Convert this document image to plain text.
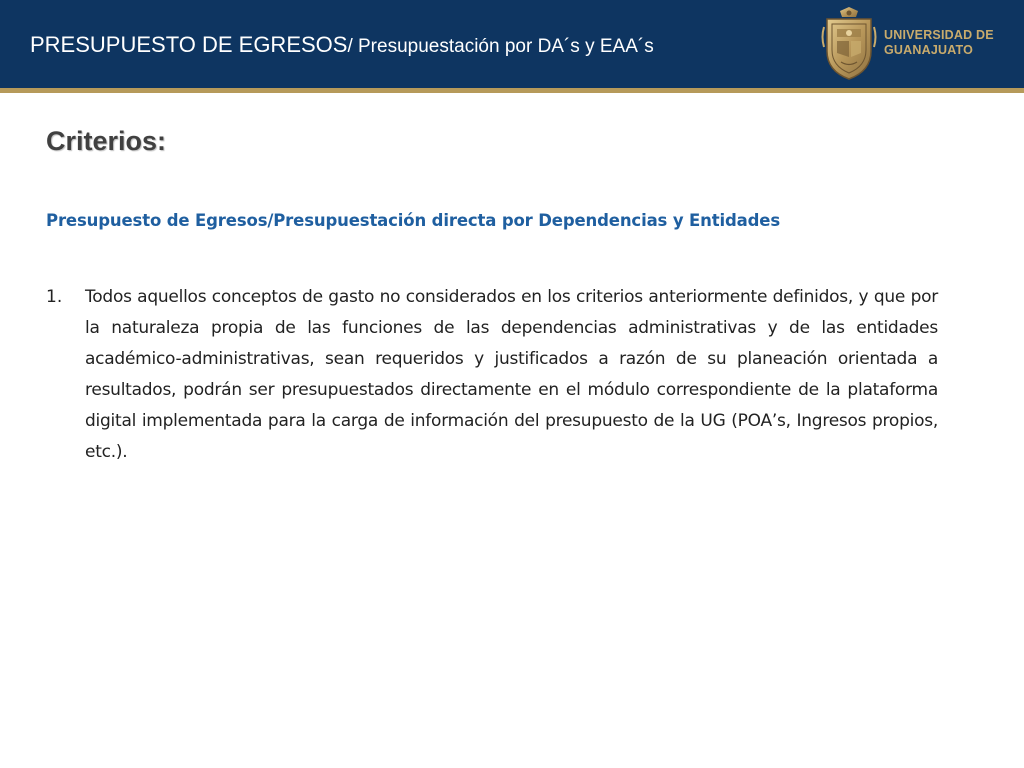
PRESUPUESTO DE EGRESOS/ Presupuestación por DA´s y EAA´s
UNIVERSIDAD DE
GUANAJUATO
Criterios:
Presupuesto de Egresos/Presupuestación directa por Dependencias y Entidades
1. Todos aquellos conceptos de gasto no considerados en los criterios anteriormente definidos, y que por la naturaleza propia de las funciones de las dependencias administrativas y de las entidades académico-administrativas, sean requeridos y justificados a razón de su planeación orientada a resultados, podrán ser presupuestados directamente en el módulo correspondiente de la plataforma digital implementada para la carga de información del presupuesto de la UG (POA’s, Ingresos propios, etc.).
